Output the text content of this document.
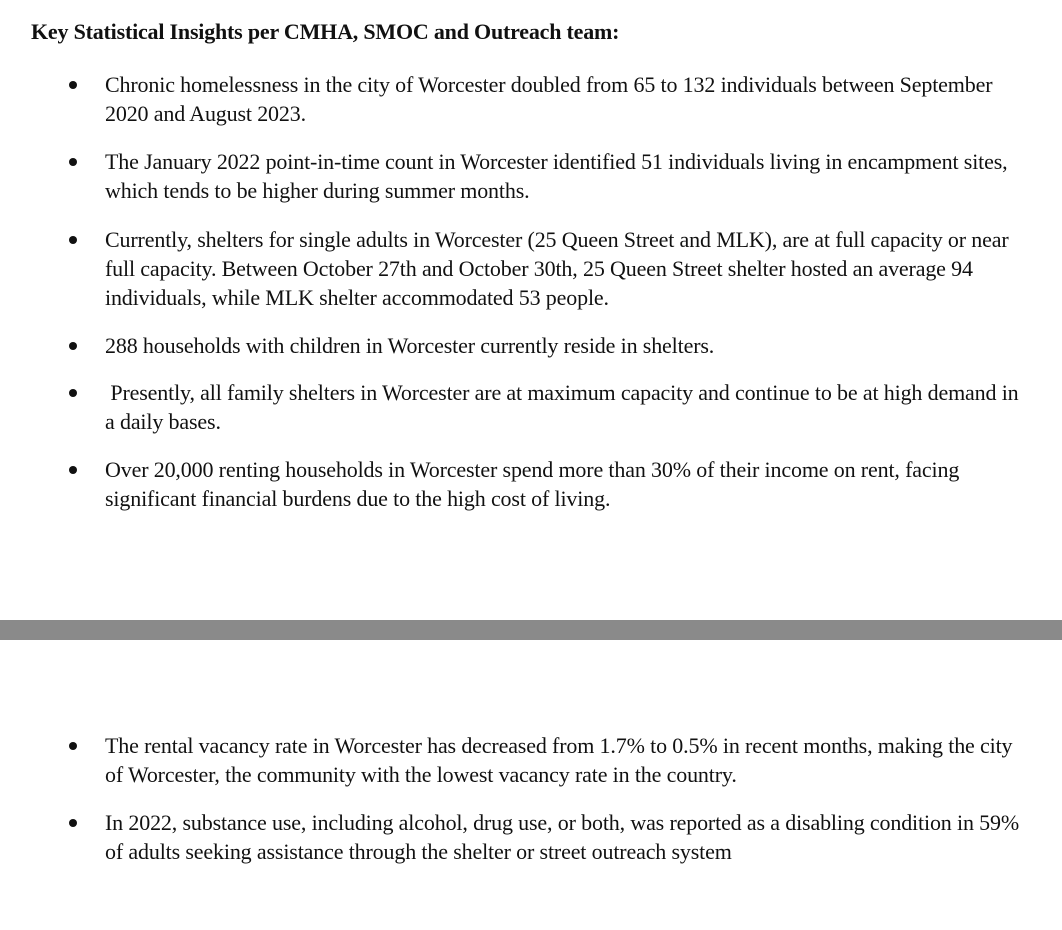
Key Statistical Insights per CMHA, SMOC and Outreach team:
Chronic homelessness in the city of Worcester doubled from 65 to 132 individuals between September 2020 and August 2023.
The January 2022 point-in-time count in Worcester identified 51 individuals living in encampment sites, which tends to be higher during summer months.
Currently, shelters for single adults in Worcester (25 Queen Street and MLK), are at full capacity or near full capacity. Between October 27th and October 30th, 25 Queen Street shelter hosted an average 94 individuals, while MLK shelter accommodated 53 people.
288 households with children in Worcester currently reside in shelters.
Presently, all family shelters in Worcester are at maximum capacity and continue to be at high demand in a daily bases.
Over 20,000 renting households in Worcester spend more than 30% of their income on rent, facing significant financial burdens due to the high cost of living.
The rental vacancy rate in Worcester has decreased from 1.7% to 0.5% in recent months, making the city of Worcester, the community with the lowest vacancy rate in the country.
In 2022, substance use, including alcohol, drug use, or both, was reported as a disabling condition in 59% of adults seeking assistance through the shelter or street outreach system
